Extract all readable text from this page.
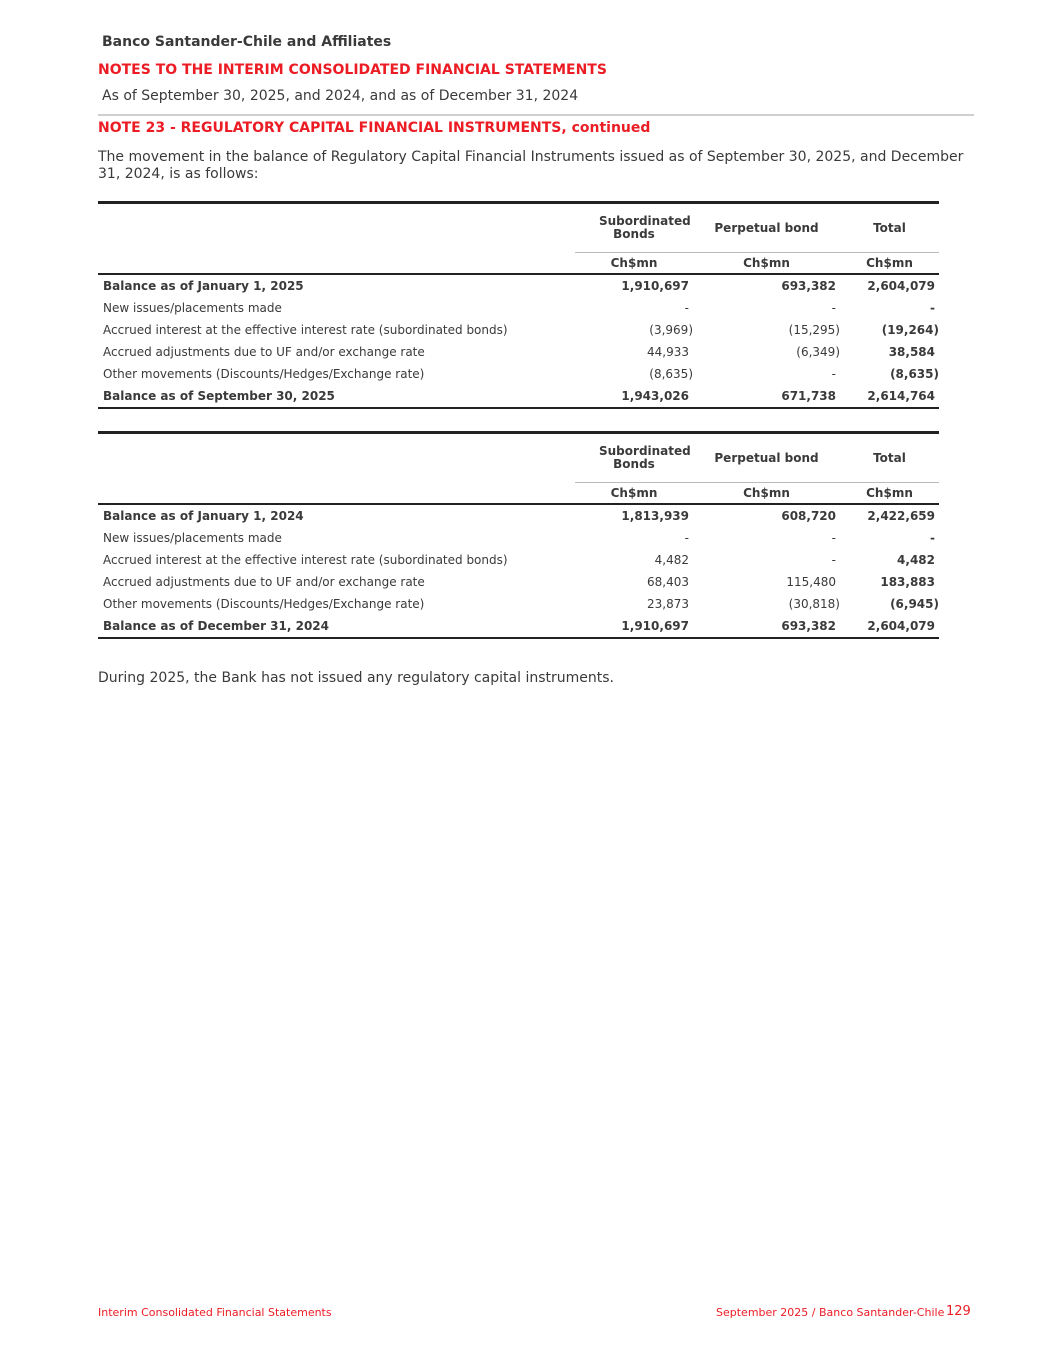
Banco Santander-Chile and Affiliates
NOTES TO THE INTERIM CONSOLIDATED FINANCIAL STATEMENTS
As of September 30, 2025, and 2024, and as of December 31, 2024
NOTE 23 - REGULATORY CAPITAL FINANCIAL INSTRUMENTS, continued
The movement in the balance of Regulatory Capital Financial Instruments issued as of September 30, 2025, and December 31, 2024, is as follows:

	Subordinated Bonds	Perpetual bond	Total
	Ch$mn	Ch$mn	Ch$mn
Balance as of January 1, 2025	1,910,697	693,382	2,604,079
New issues/placements made	-	-	-
Accrued interest at the effective interest rate (subordinated bonds)	(3,969)	(15,295)	(19,264)
Accrued adjustments due to UF and/or exchange rate	44,933	(6,349)	38,584
Other movements (Discounts/Hedges/Exchange rate)	(8,635)	-	(8,635)
Balance as of September 30, 2025	1,943,026	671,738	2,614,764

	Subordinated Bonds	Perpetual bond	Total
	Ch$mn	Ch$mn	Ch$mn
Balance as of January 1, 2024	1,813,939	608,720	2,422,659
New issues/placements made	-	-	-
Accrued interest at the effective interest rate (subordinated bonds)	4,482	-	4,482
Accrued adjustments due to UF and/or exchange rate	68,403	115,480	183,883
Other movements (Discounts/Hedges/Exchange rate)	23,873	(30,818)	(6,945)
Balance as of December 31, 2024	1,910,697	693,382	2,604,079
During 2025, the Bank has not issued any regulatory capital instruments.
Interim Consolidated Financial Statements	September 2025 / Banco Santander-Chile 129
